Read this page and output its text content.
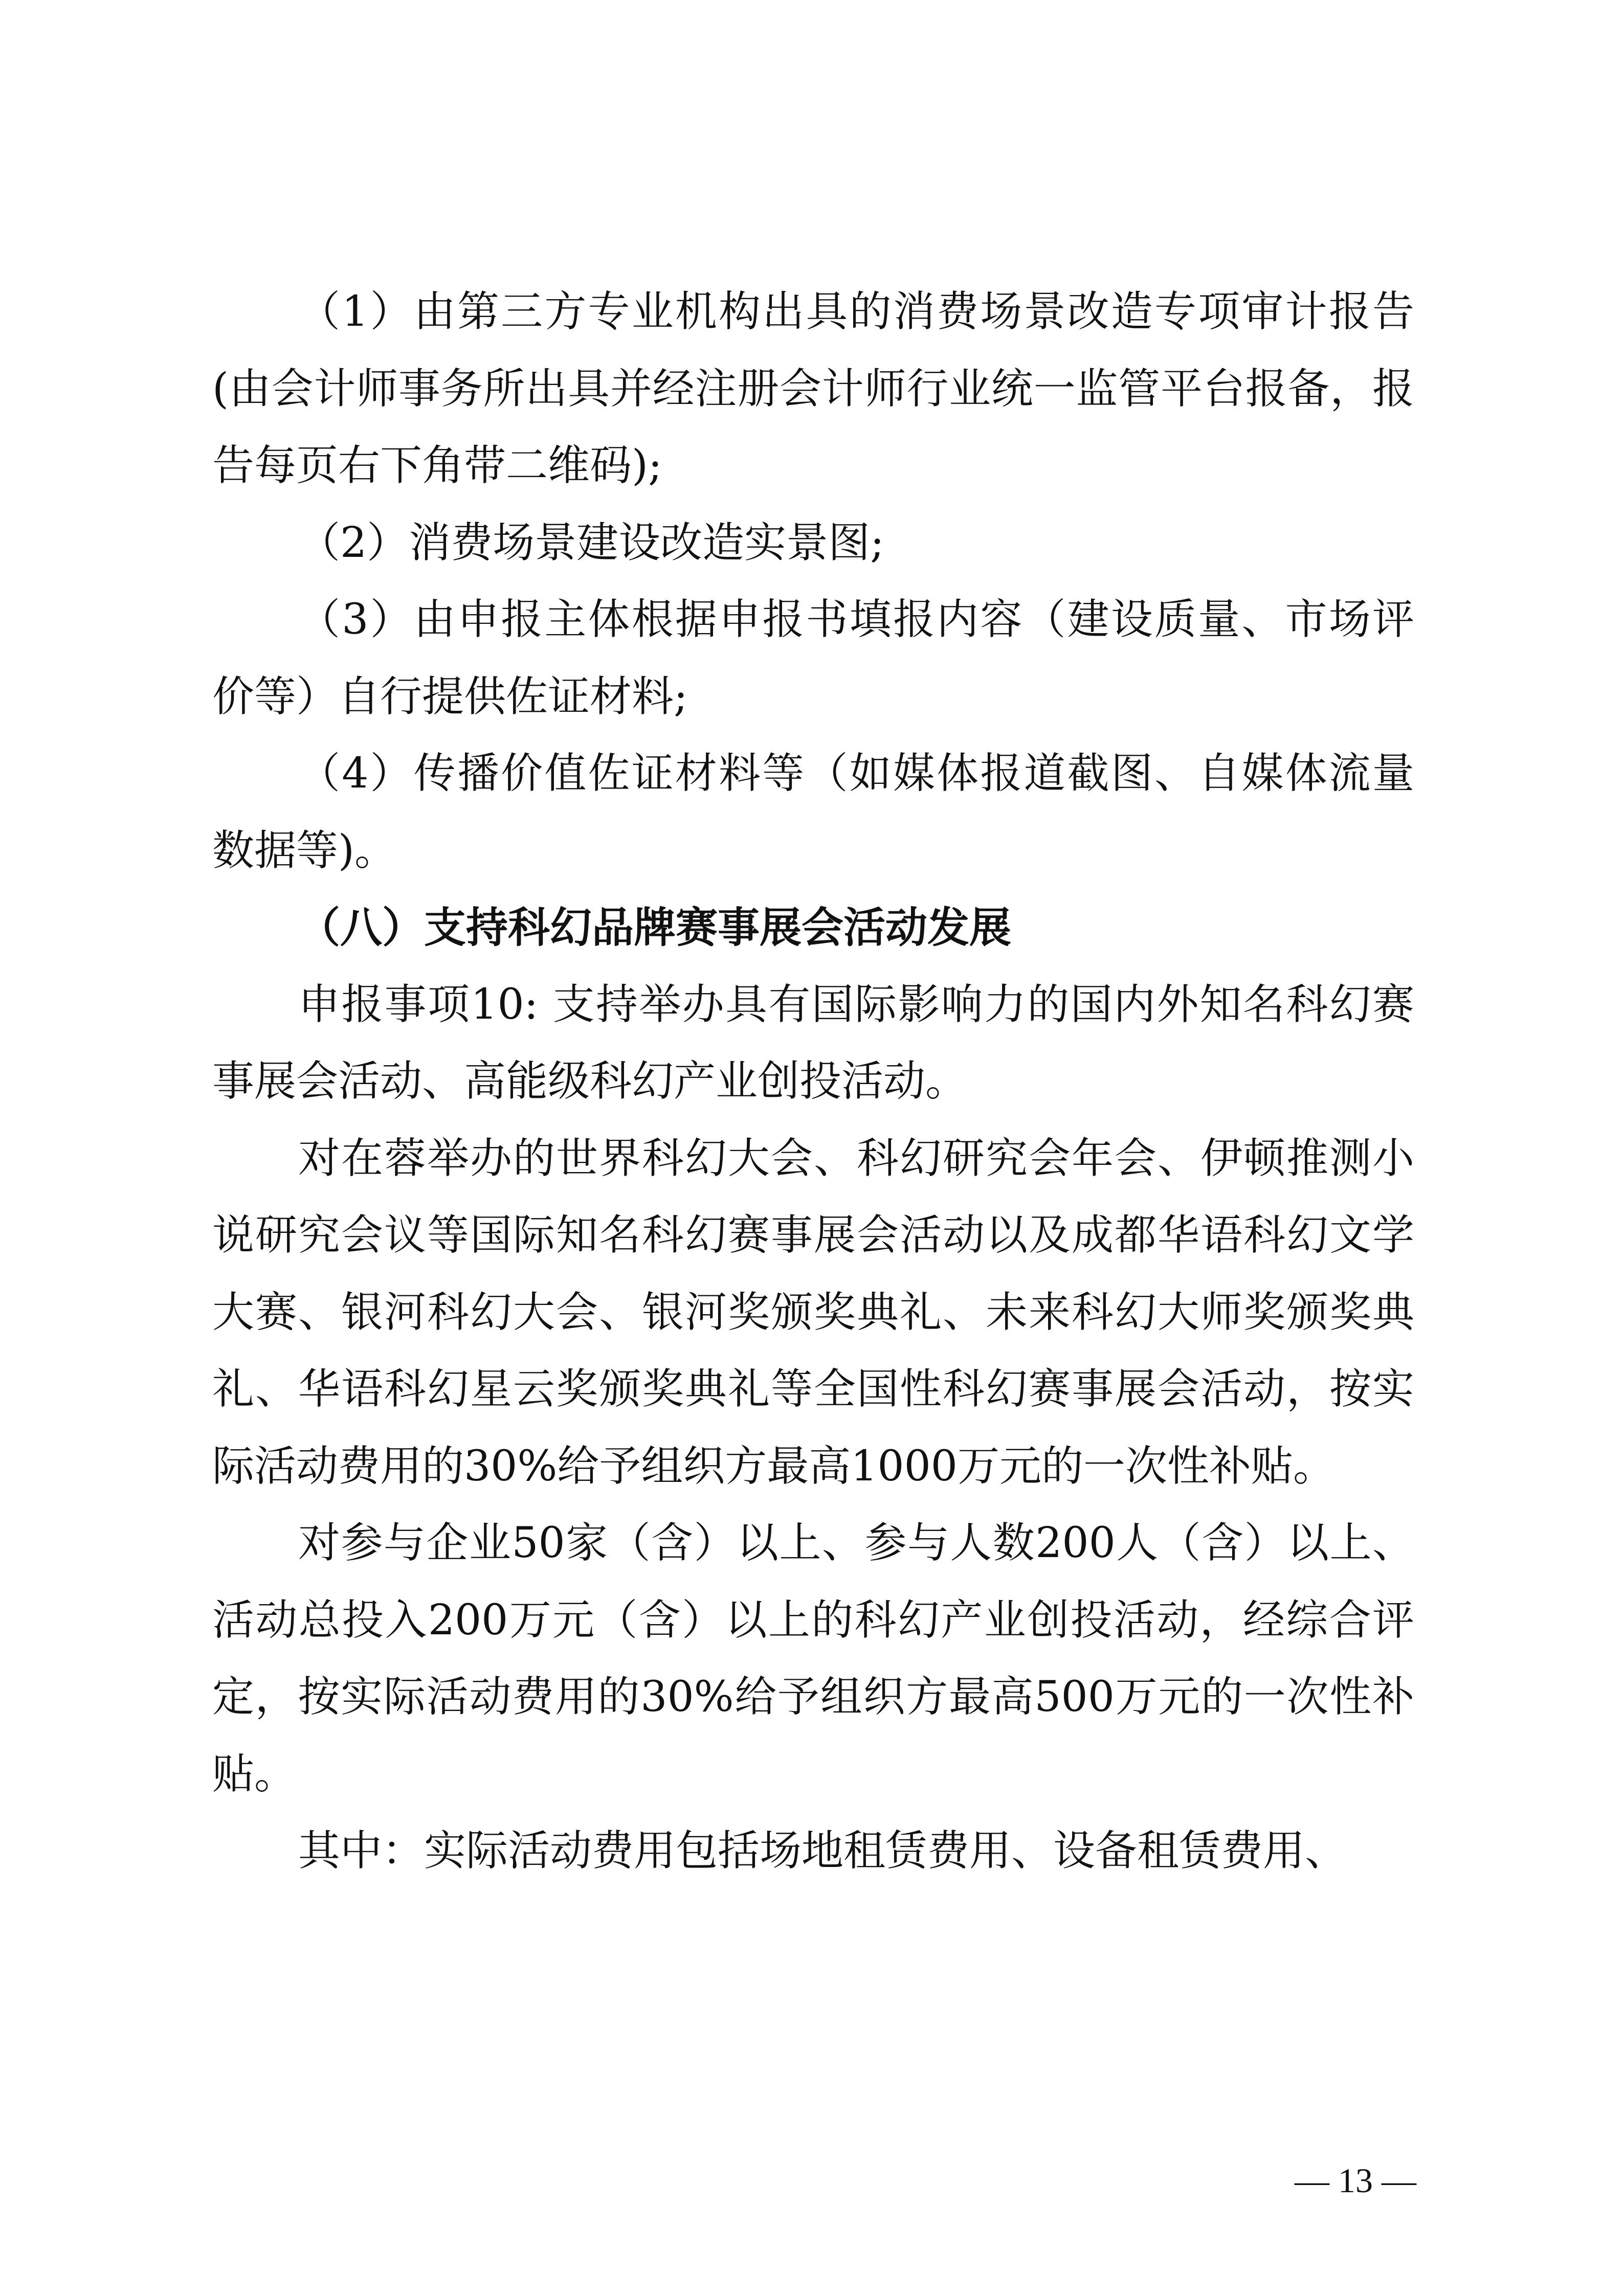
（1）由第三方专业机构出具的消费场景改造专项审计报告(由会计师事务所出具并经注册会计师行业统一监管平台报备，报告每页右下角带二维码);

（2）消费场景建设改造实景图;

（3）由申报主体根据申报书填报内容（建设质量、市场评价等）自行提供佐证材料;

（4）传播价值佐证材料等（如媒体报道截图、自媒体流量数据等)。

（八）支持科幻品牌赛事展会活动发展

申报事项10: 支持举办具有国际影响力的国内外知名科幻赛事展会活动、高能级科幻产业创投活动。

对在蓉举办的世界科幻大会、科幻研究会年会、伊顿推测小说研究会议等国际知名科幻赛事展会活动以及成都华语科幻文学大赛、银河科幻大会、银河奖颁奖典礼、未来科幻大师奖颁奖典礼、华语科幻星云奖颁奖典礼等全国性科幻赛事展会活动，按实际活动费用的30%给予组织方最高1000万元的一次性补贴。

对参与企业50家（含）以上、参与人数200人（含）以上、活动总投入200万元（含）以上的科幻产业创投活动，经综合评定，按实际活动费用的30%给予组织方最高500万元的一次性补贴。

其中：实际活动费用包括场地租赁费用、设备租赁费用、

— 13 —
